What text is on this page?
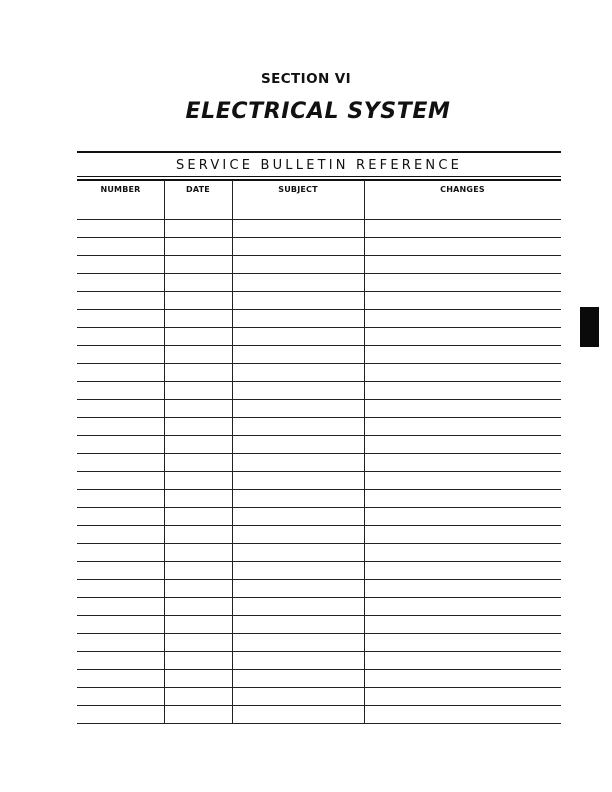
SECTION VI
ELECTRICAL SYSTEM
SERVICE BULLETIN REFERENCE
NUMBER	DATE	SUBJECT	CHANGES
